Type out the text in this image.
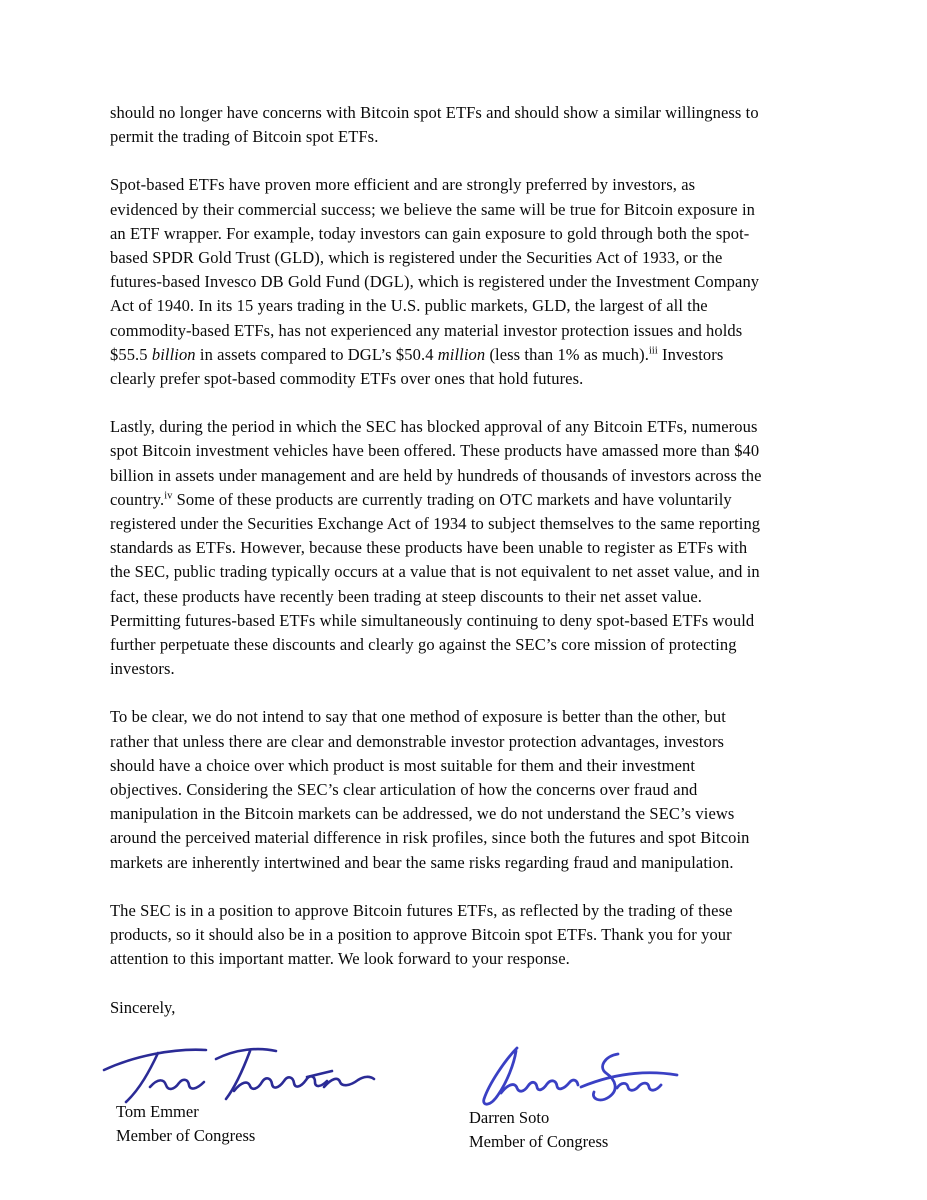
should no longer have concerns with Bitcoin spot ETFs and should show a similar willingness to
permit the trading of Bitcoin spot ETFs.

Spot-based ETFs have proven more efficient and are strongly preferred by investors, as
evidenced by their commercial success; we believe the same will be true for Bitcoin exposure in
an ETF wrapper. For example, today investors can gain exposure to gold through both the spot-
based SPDR Gold Trust (GLD), which is registered under the Securities Act of 1933, or the
futures-based Invesco DB Gold Fund (DGL), which is registered under the Investment Company
Act of 1940. In its 15 years trading in the U.S. public markets, GLD, the largest of all the
commodity-based ETFs, has not experienced any material investor protection issues and holds
$55.5 billion in assets compared to DGL’s $50.4 million (less than 1% as much).$^{iii}$ Investors
clearly prefer spot-based commodity ETFs over ones that hold futures.

Lastly, during the period in which the SEC has blocked approval of any Bitcoin ETFs, numerous
spot Bitcoin investment vehicles have been offered. These products have amassed more than $40
billion in assets under management and are held by hundreds of thousands of investors across the
country.$^{iv}$ Some of these products are currently trading on OTC markets and have voluntarily
registered under the Securities Exchange Act of 1934 to subject themselves to the same reporting
standards as ETFs. However, because these products have been unable to register as ETFs with
the SEC, public trading typically occurs at a value that is not equivalent to net asset value, and in
fact, these products have recently been trading at steep discounts to their net asset value.
Permitting futures-based ETFs while simultaneously continuing to deny spot-based ETFs would
further perpetuate these discounts and clearly go against the SEC’s core mission of protecting
investors.

To be clear, we do not intend to say that one method of exposure is better than the other, but
rather that unless there are clear and demonstrable investor protection advantages, investors
should have a choice over which product is most suitable for them and their investment
objectives. Considering the SEC’s clear articulation of how the concerns over fraud and
manipulation in the Bitcoin markets can be addressed, we do not understand the SEC’s views
around the perceived material difference in risk profiles, since both the futures and spot Bitcoin
markets are inherently intertwined and bear the same risks regarding fraud and manipulation.

The SEC is in a position to approve Bitcoin futures ETFs, as reflected by the trading of these
products, so it should also be in a position to approve Bitcoin spot ETFs. Thank you for your
attention to this important matter. We look forward to your response.

Sincerely,

Tom Emmer
Member of Congress
Darren Soto
Member of Congress
